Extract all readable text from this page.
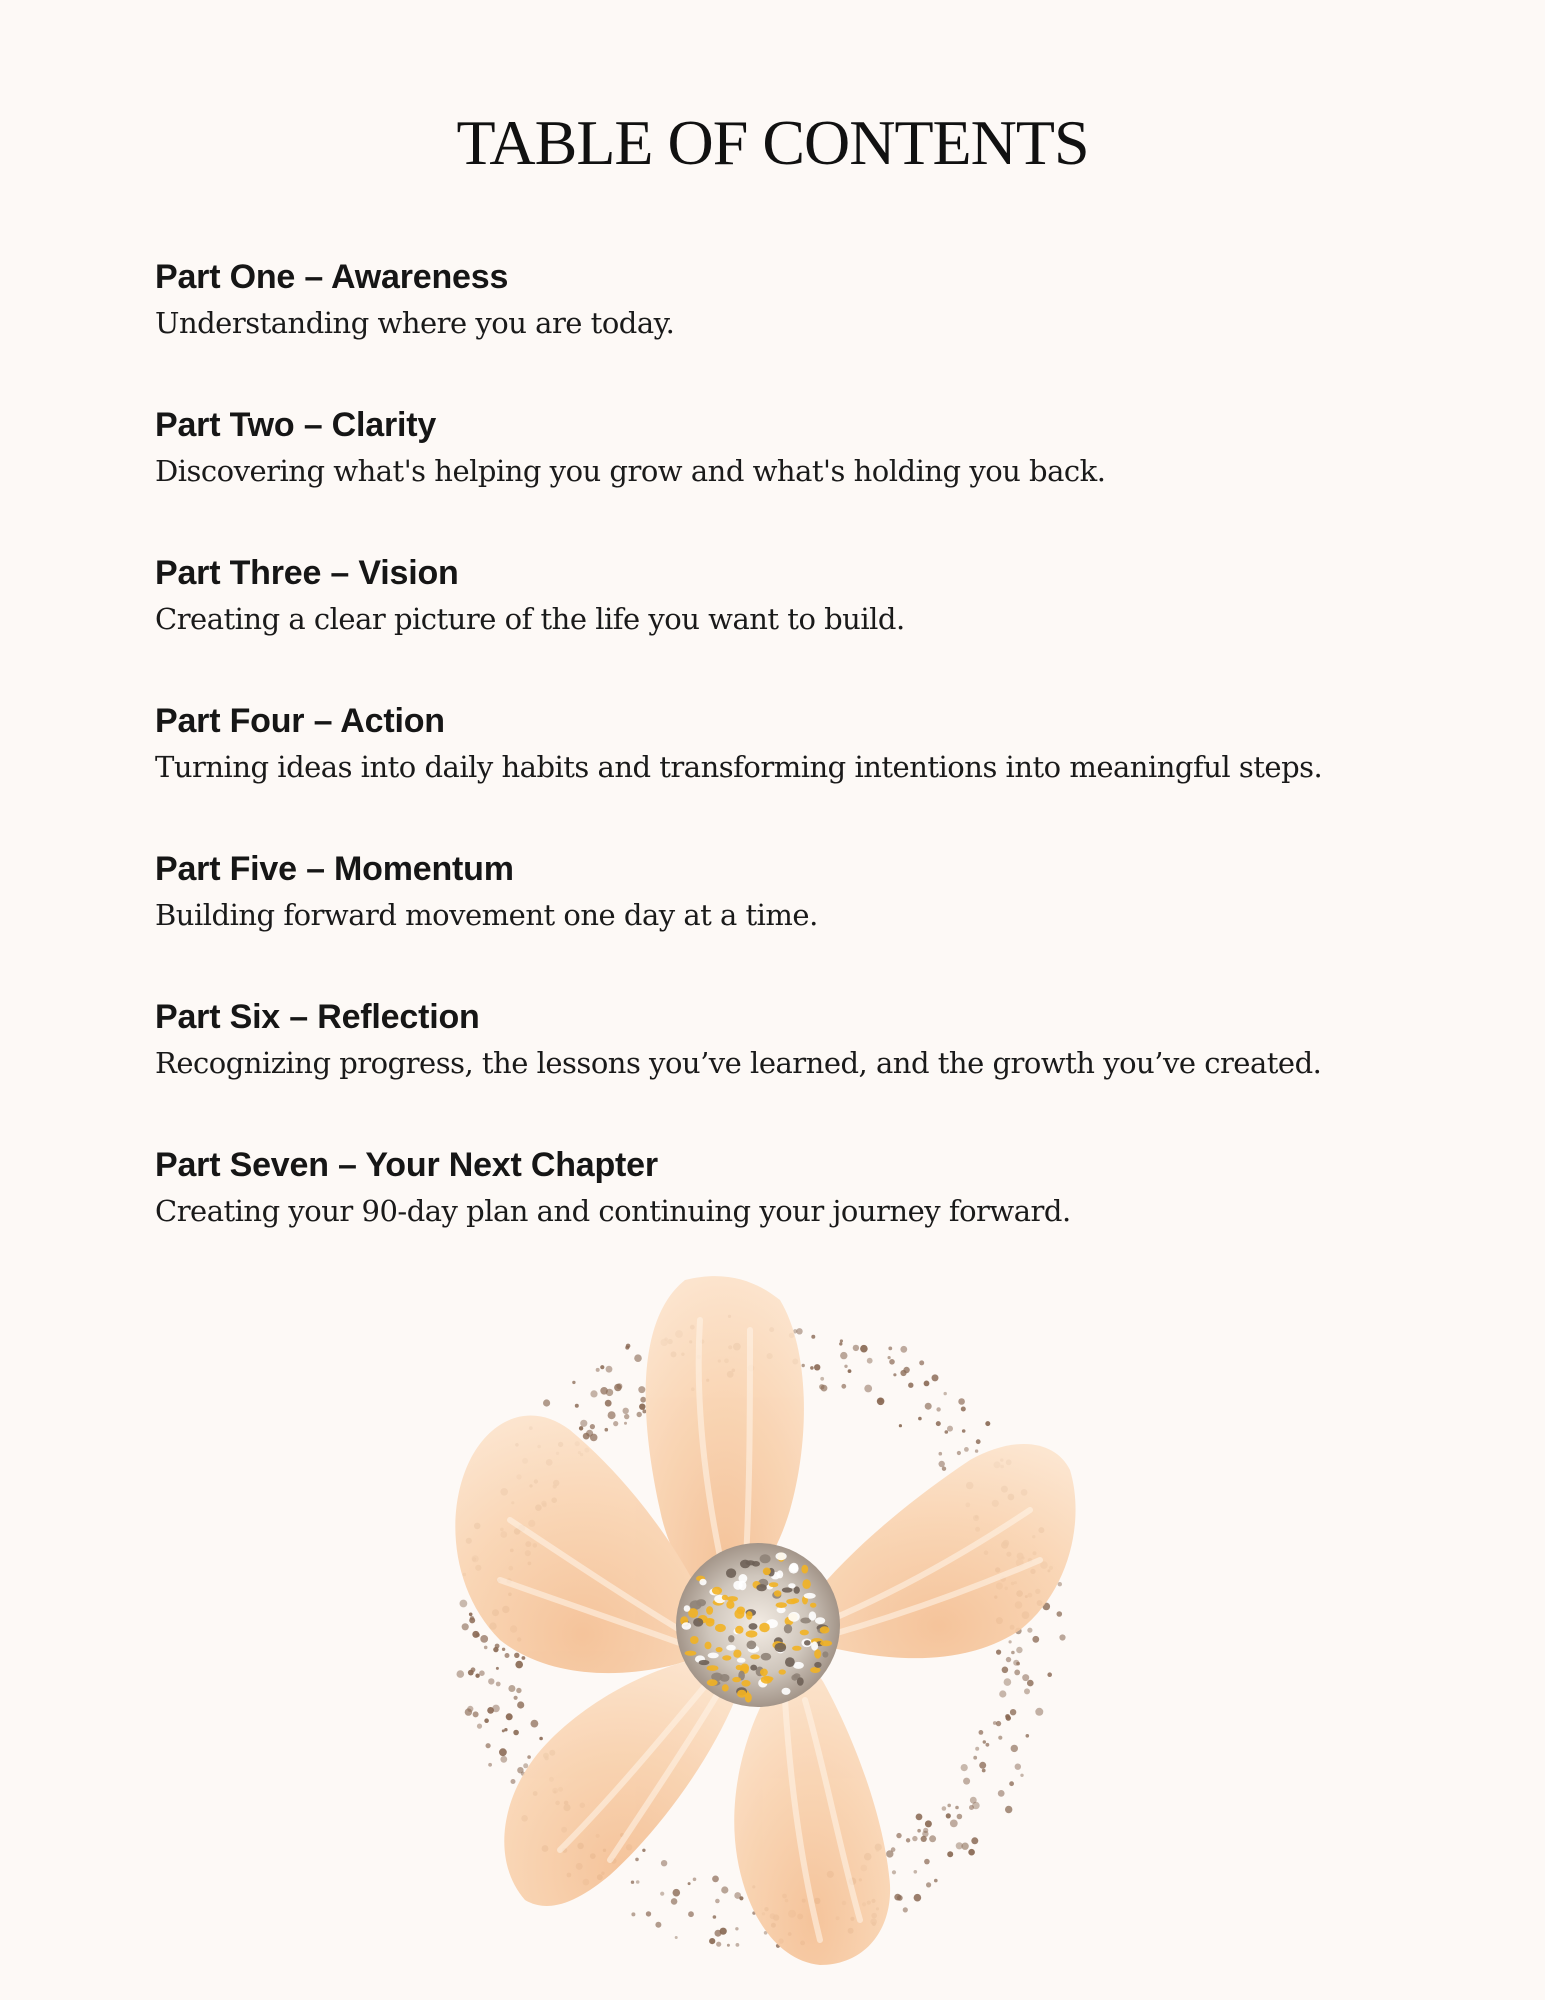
TABLE OF CONTENTS
Part One – Awareness
Understanding where you are today.
Part Two – Clarity
Discovering what's helping you grow and what's holding you back.
Part Three – Vision
Creating a clear picture of the life you want to build.
Part Four – Action
Turning ideas into daily habits and transforming intentions into meaningful steps.
Part Five – Momentum
Building forward movement one day at a time.
Part Six – Reflection
Recognizing progress, the lessons you’ve learned, and the growth you’ve created.
Part Seven – Your Next Chapter
Creating your 90-day plan and continuing your journey forward.
